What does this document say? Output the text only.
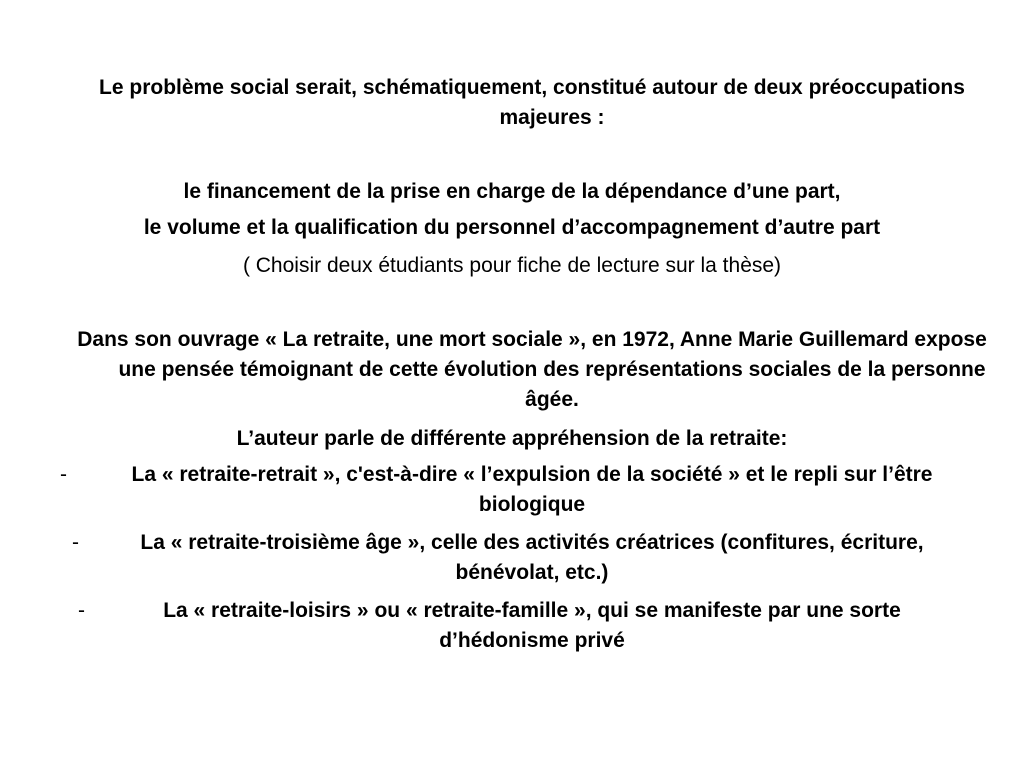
Le problème social serait, schématiquement, constitué autour de deux préoccupations majeures :

le financement de la prise en charge de la dépendance d’une part,

le volume et la qualification du personnel d’accompagnement d’autre part

( Choisir deux étudiants pour fiche de lecture sur la thèse)

Dans son ouvrage « La retraite, une mort sociale », en 1972, Anne Marie Guillemard expose une pensée témoignant de cette évolution des représentations sociales de la personne âgée.

L’auteur parle de différente appréhension de la retraite:

-	La « retraite-retrait », c'est-à-dire « l’expulsion de la société » et le repli sur l’être biologique

-	La « retraite-troisième âge », celle des activités créatrices (confitures, écriture, bénévolat, etc.)

-	La « retraite-loisirs » ou « retraite-famille », qui se manifeste par une sorte d’hédonisme privé
